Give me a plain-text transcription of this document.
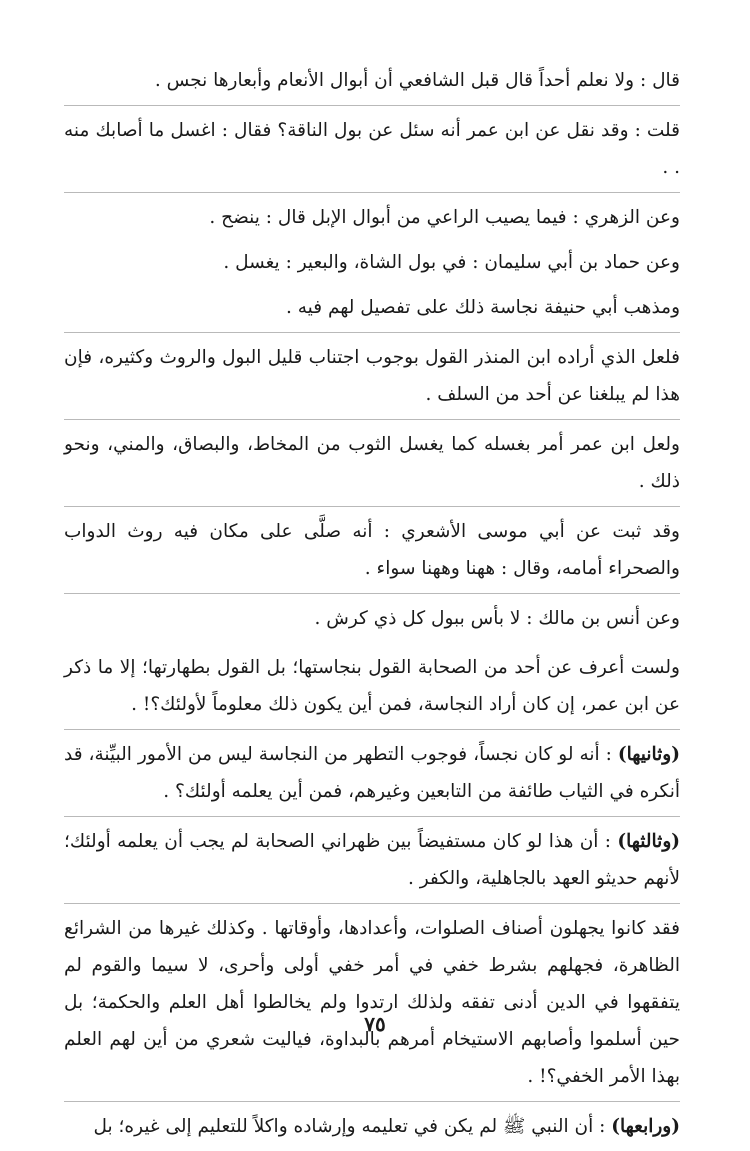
قال : ولا نعلم أحداً قال قبل الشافعي أن أبوال الأنعام وأبعارها نجس .

قلت : وقد نقل عن ابن عمر أنه سئل عن بول الناقة؟ فقال : اغسل ما أصابك منه . .

وعن الزهري : فيما يصيب الراعي من أبوال الإبل قال : ينضح .

وعن حماد بن أبي سليمان : في بول الشاة، والبعير : يغسل .

ومذهب أبي حنيفة نجاسة ذلك على تفصيل لهم فيه .

فلعل الذي أراده ابن المنذر القول بوجوب اجتناب قليل البول والروث وكثيره، فإن هذا لم يبلغنا عن أحد من السلف .

ولعل ابن عمر أمر بغسله كما يغسل الثوب من المخاط، والبصاق، والمني، ونحو ذلك .

وقد ثبت عن أبي موسى الأشعري : أنه صلَّى على مكان فيه روث الدواب والصحراء أمامه، وقال : ههنا وههنا سواء .

وعن أنس بن مالك : لا بأس ببول كل ذي كرش .

ولست أعرف عن أحد من الصحابة القول بنجاستها؛ بل القول بطهارتها؛ إلا ما ذكر عن ابن عمر، إن كان أراد النجاسة، فمن أين يكون ذلك معلوماً لأولئك؟! .

(وثانيها) : أنه لو كان نجساً، فوجوب التطهر من النجاسة ليس من الأمور البيِّنة، قد أنكره في الثياب طائفة من التابعين وغيرهم، فمن أين يعلمه أولئك؟ .

(وثالثها) : أن هذا لو كان مستفيضاً بين ظهراني الصحابة لم يجب أن يعلمه أولئك؛ لأنهم حديثو العهد بالجاهلية، والكفر .

فقد كانوا يجهلون أصناف الصلوات، وأعدادها، وأوقاتها . وكذلك غيرها من الشرائع الظاهرة، فجهلهم بشرط خفي في أمر خفي أولى وأحرى، لا سيما والقوم لم يتفقهوا في الدين أدنى تفقه ولذلك ارتدوا ولم يخالطوا أهل العلم والحكمة؛ بل حين أسلموا وأصابهم الاستيخام أمرهم بالبداوة، فياليت شعري من أين لهم العلم بهذا الأمر الخفي؟! .

(ورابعها) : أن النبي ﷺ لم يكن في تعليمه وإرشاده واكلاً للتعليم إلى غيره؛ بل

٧٥
